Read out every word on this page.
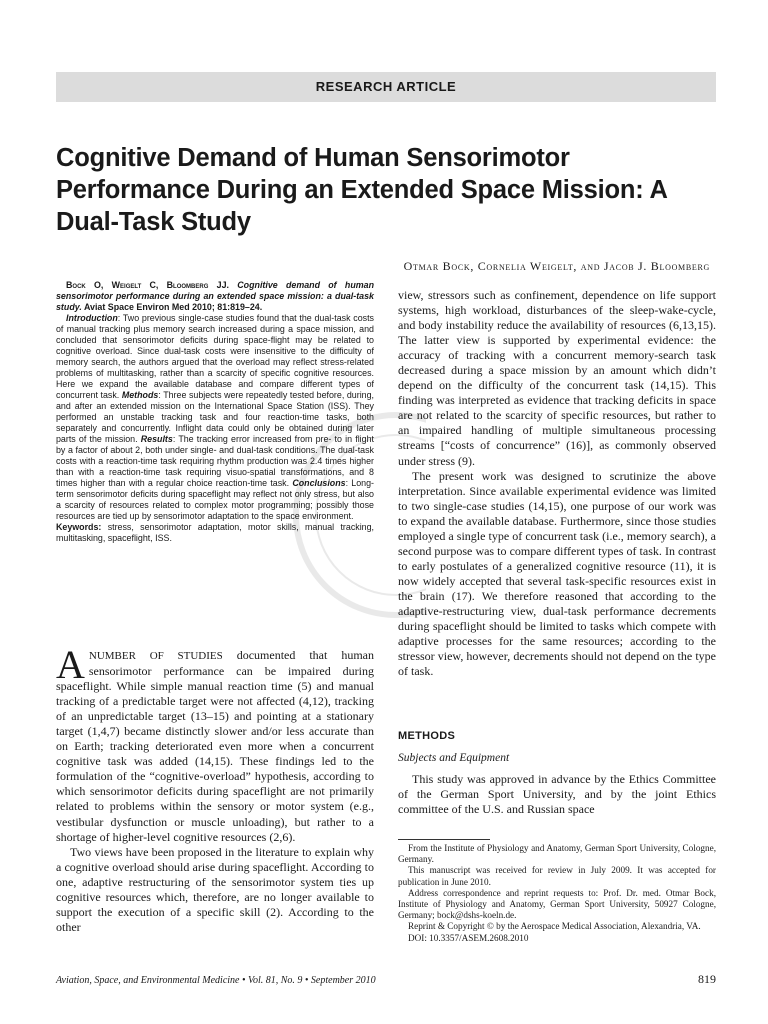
RESEARCH ARTICLE
Cognitive Demand of Human Sensorimotor Performance During an Extended Space Mission: A Dual-Task Study
Otmar Bock, Cornelia Weigelt, and Jacob J. Bloomberg

Bock O, Weigelt C, Bloomberg JJ. Cognitive demand of human sensorimotor performance during an extended space mission: a dual-task study. Aviat Space Environ Med 2010; 81:819–24.

Introduction: Two previous single-case studies found that the dual-task costs of manual tracking plus memory search increased during a space mission, and concluded that sensorimotor deficits during space-flight may be related to cognitive overload. Since dual-task costs were insensitive to the difficulty of memory search, the authors argued that the overload may reflect stress-related problems of multitasking, rather than a scarcity of specific cognitive resources. Here we expand the available database and compare different types of concurrent task. Methods: Three subjects were repeatedly tested before, during, and after an extended mission on the International Space Station (ISS). They performed an unstable tracking task and four reaction-time tasks, both separately and concurrently. Inflight data could only be obtained during later parts of the mission. Results: The tracking error increased from pre- to in flight by a factor of about 2, both under single- and dual-task conditions. The dual-task costs with a reaction-time task requiring rhythm production was 2.4 times higher than with a reaction-time task requiring visuo-spatial transformations, and 8 times higher than with a regular choice reaction-time task. Conclusions: Long-term sensorimotor deficits during spaceflight may reflect not only stress, but also a scarcity of resources related to complex motor programming; possibly those resources are tied up by sensorimotor adaptation to the space environment.

Keywords: stress, sensorimotor adaptation, motor skills, manual tracking, multitasking, spaceflight, ISS.

ANUMBER OF STUDIES documented that human sensorimotor performance can be impaired during spaceflight. While simple manual reaction time (5) and manual tracking of a predictable target were not affected (4,12), tracking of an unpredictable target (13–15) and pointing at a stationary target (1,4,7) became distinctly slower and/or less accurate than on Earth; tracking deteriorated even more when a concurrent cognitive task was added (14,15). These findings led to the formulation of the “cognitive-overload” hypothesis, according to which sensorimotor deficits during spaceflight are not primarily related to problems within the sensory or motor system (e.g., vestibular dysfunction or muscle unloading), but rather to a shortage of higher-level cognitive resources (2,6).

Two views have been proposed in the literature to explain why a cognitive overload should arise during spaceflight. According to one, adaptive restructuring of the sensorimotor system ties up cognitive resources which, therefore, are no longer available to support the execution of a specific skill (2). According to the other

view, stressors such as confinement, dependence on life support systems, high workload, disturbances of the sleep-wake-cycle, and body instability reduce the availability of resources (6,13,15). The latter view is supported by experimental evidence: the accuracy of tracking with a concurrent memory-search task decreased during a space mission by an amount which didn’t depend on the difficulty of the concurrent task (14,15). This finding was interpreted as evidence that tracking deficits in space are not related to the scarcity of specific resources, but rather to an impaired handling of multiple simultaneous processing streams [“costs of concurrence” (16)], as commonly observed under stress (9).

The present work was designed to scrutinize the above interpretation. Since available experimental evidence was limited to two single-case studies (14,15), one purpose of our work was to expand the available database. Furthermore, since those studies employed a single type of concurrent task (i.e., memory search), a second purpose was to compare different types of task. In contrast to early postulates of a generalized cognitive resource (11), it is now widely accepted that several task-specific resources exist in the brain (17). We therefore reasoned that according to the adaptive-restructuring view, dual-task performance decrements during spaceflight should be limited to tasks which compete with adaptive processes for the same resources; according to the stressor view, however, decrements should not depend on the type of task.

METHODS
Subjects and Equipment
This study was approved in advance by the Ethics Committee of the German Sport University, and by the joint Ethics committee of the U.S. and Russian space

From the Institute of Physiology and Anatomy, German Sport University, Cologne, Germany.

This manuscript was received for review in July 2009. It was accepted for publication in June 2010.

Address correspondence and reprint requests to: Prof. Dr. med. Otmar Bock, Institute of Physiology and Anatomy, German Sport University, 50927 Cologne, Germany; bock@dshs-koeln.de.

Reprint & Copyright © by the Aerospace Medical Association, Alexandria, VA.

DOI: 10.3357/ASEM.2608.2010

Aviation, Space, and Environmental Medicine • Vol. 81, No. 9 • September 2010	819
